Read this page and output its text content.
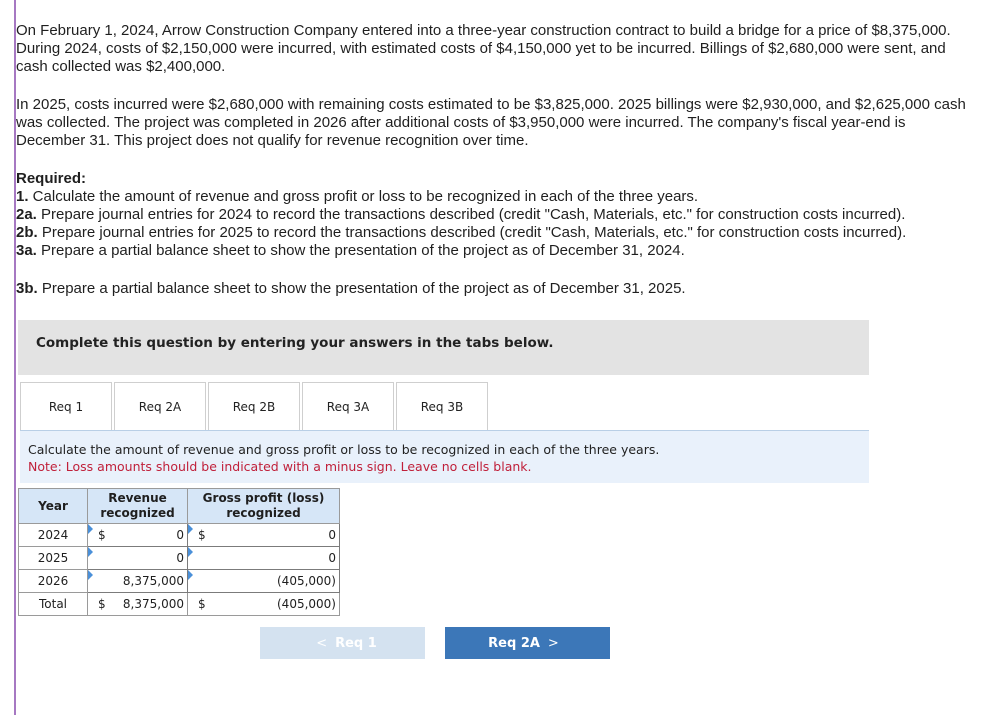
On February 1, 2024, Arrow Construction Company entered into a three-year construction contract to build a bridge for a price of $8,375,000. During 2024, costs of $2,150,000 were incurred, with estimated costs of $4,150,000 yet to be incurred. Billings of $2,680,000 were sent, and cash collected was $2,400,000.

In 2025, costs incurred were $2,680,000 with remaining costs estimated to be $3,825,000. 2025 billings were $2,930,000, and $2,625,000 cash was collected. The project was completed in 2026 after additional costs of $3,950,000 were incurred. The company's fiscal year-end is December 31. This project does not qualify for revenue recognition over time.

Required:

1. Calculate the amount of revenue and gross profit or loss to be recognized in each of the three years.

2a. Prepare journal entries for 2024 to record the transactions described (credit "Cash, Materials, etc." for construction costs incurred).

2b. Prepare journal entries for 2025 to record the transactions described (credit "Cash, Materials, etc." for construction costs incurred).

3a. Prepare a partial balance sheet to show the presentation of the project as of December 31, 2024.

3b. Prepare a partial balance sheet to show the presentation of the project as of December 31, 2025.

Complete this question by entering your answers in the tabs below.
Req 1	Req 2A	Req 2B	Req 3A	Req 3B
Calculate the amount of revenue and gross profit or loss to be recognized in each of the three years.
Note: Loss amounts should be indicated with a minus sign. Leave no cells blank.
Year	Revenue recognized	Gross profit (loss) recognized
2024	$ 0	$ 0

2025	0	0

2026	8,375,000	(405,000)

Total	$ 8,375,000	$ (405,000)
< Req 1	Req 2A >
